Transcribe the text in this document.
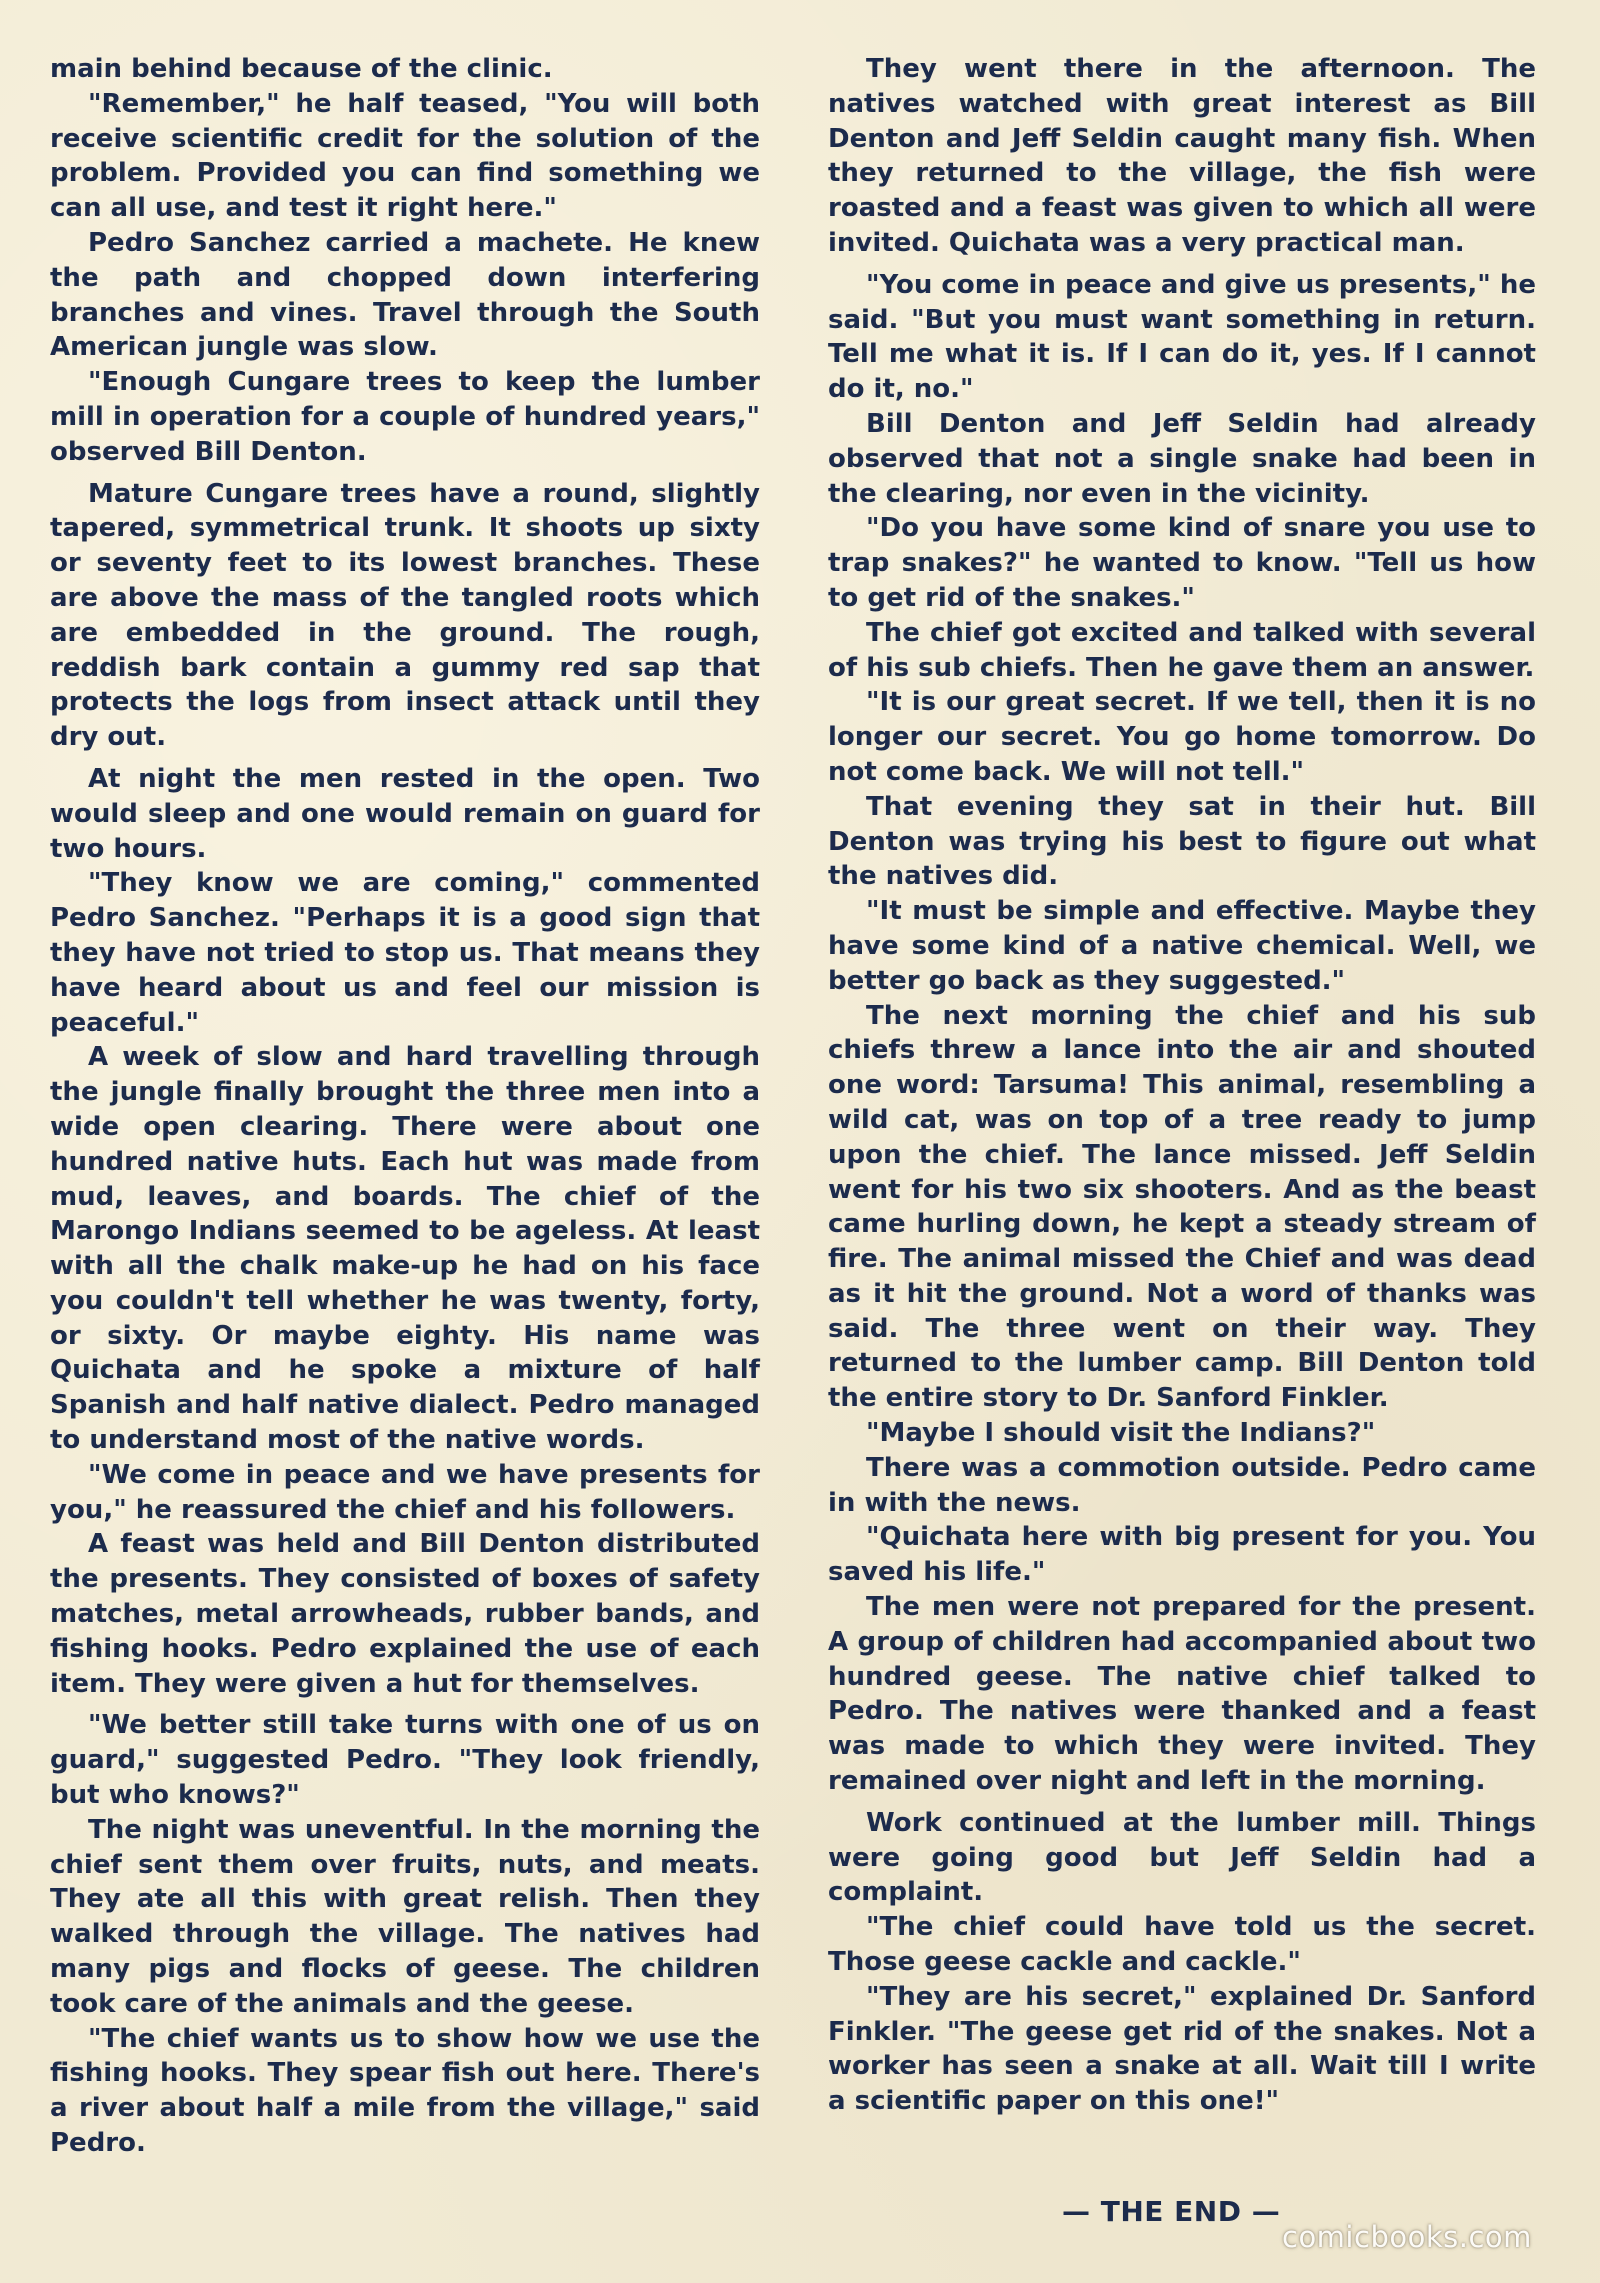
main behind because of the clinic.

"Remember," he half teased, "You will both receive scientific credit for the solution of the problem. Provided you can find something we can all use, and test it right here."

Pedro Sanchez carried a machete. He knew the path and chopped down interfering branches and vines. Travel through the South American jungle was slow.

"Enough Cungare trees to keep the lumber mill in operation for a couple of hundred years," observed Bill Denton.

Mature Cungare trees have a round, slightly tapered, symmetrical trunk. It shoots up sixty or seventy feet to its lowest branches. These are above the mass of the tangled roots which are embedded in the ground. The rough, reddish bark contain a gummy red sap that protects the logs from insect attack until they dry out.

At night the men rested in the open. Two would sleep and one would remain on guard for two hours.

"They know we are coming," commented Pedro Sanchez. "Perhaps it is a good sign that they have not tried to stop us. That means they have heard about us and feel our mission is peaceful."

A week of slow and hard travelling through the jungle finally brought the three men into a wide open clearing. There were about one hundred native huts. Each hut was made from mud, leaves, and boards. The chief of the Marongo Indians seemed to be ageless. At least with all the chalk make-up he had on his face you couldn't tell whether he was twenty, forty, or sixty. Or maybe eighty. His name was Quichata and he spoke a mixture of half Spanish and half native dialect. Pedro managed to understand most of the native words.

"We come in peace and we have presents for you," he reassured the chief and his followers.

A feast was held and Bill Denton distributed the presents. They consisted of boxes of safety matches, metal arrowheads, rubber bands, and fishing hooks. Pedro explained the use of each item. They were given a hut for themselves.

"We better still take turns with one of us on guard," suggested Pedro. "They look friendly, but who knows?"

The night was uneventful. In the morning the chief sent them over fruits, nuts, and meats. They ate all this with great relish. Then they walked through the village. The natives had many pigs and flocks of geese. The children took care of the animals and the geese.

"The chief wants us to show how we use the fishing hooks. They spear fish out here. There's a river about half a mile from the village," said Pedro.

They went there in the afternoon. The natives watched with great interest as Bill Denton and Jeff Seldin caught many fish. When they returned to the village, the fish were roasted and a feast was given to which all were invited. Quichata was a very practical man.

"You come in peace and give us presents," he said. "But you must want something in return. Tell me what it is. If I can do it, yes. If I cannot do it, no."

Bill Denton and Jeff Seldin had already observed that not a single snake had been in the clearing, nor even in the vicinity.

"Do you have some kind of snare you use to trap snakes?" he wanted to know. "Tell us how to get rid of the snakes."

The chief got excited and talked with several of his sub chiefs. Then he gave them an answer.

"It is our great secret. If we tell, then it is no longer our secret. You go home tomorrow. Do not come back. We will not tell."

That evening they sat in their hut. Bill Denton was trying his best to figure out what the natives did.

"It must be simple and effective. Maybe they have some kind of a native chemical. Well, we better go back as they suggested."

The next morning the chief and his sub chiefs threw a lance into the air and shouted one word: Tarsuma! This animal, resembling a wild cat, was on top of a tree ready to jump upon the chief. The lance missed. Jeff Seldin went for his two six shooters. And as the beast came hurling down, he kept a steady stream of fire. The animal missed the Chief and was dead as it hit the ground. Not a word of thanks was said. The three went on their way. They returned to the lumber camp. Bill Denton told the entire story to Dr. Sanford Finkler.

"Maybe I should visit the Indians?"

There was a commotion outside. Pedro came in with the news.

"Quichata here with big present for you. You saved his life."

The men were not prepared for the present. A group of children had accompanied about two hundred geese. The native chief talked to Pedro. The natives were thanked and a feast was made to which they were invited. They remained over night and left in the morning.

Work continued at the lumber mill. Things were going good but Jeff Seldin had a complaint.

"The chief could have told us the secret. Those geese cackle and cackle."

"They are his secret," explained Dr. Sanford Finkler. "The geese get rid of the snakes. Not a worker has seen a snake at all. Wait till I write a scientific paper on this one!"

— THE END —
comicbooks.com
